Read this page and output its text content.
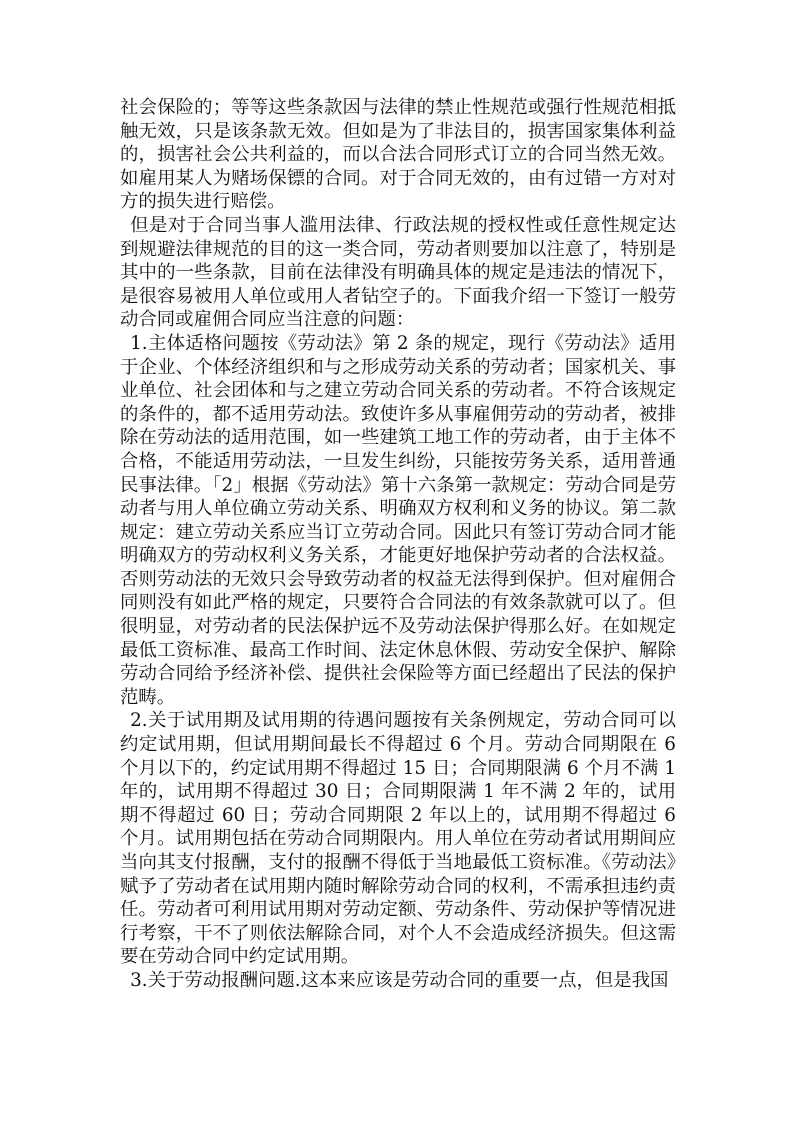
社会保险的；等等这些条款因与法律的禁止性规范或强行性规范相抵触无效，只是该条款无效。但如是为了非法目的，损害国家集体利益的，损害社会公共利益的，而以合法合同形式订立的合同当然无效。如雇用某人为赌场保镖的合同。对于合同无效的，由有过错一方对对方的损失进行赔偿。

但是对于合同当事人滥用法律、行政法规的授权性或任意性规定达到规避法律规范的目的这一类合同，劳动者则要加以注意了，特别是其中的一些条款，目前在法律没有明确具体的规定是违法的情况下，是很容易被用人单位或用人者钻空子的。下面我介绍一下签订一般劳动合同或雇佣合同应当注意的问题：

1.主体适格问题按《劳动法》第 2 条的规定，现行《劳动法》适用于企业、个体经济组织和与之形成劳动关系的劳动者；国家机关、事业单位、社会团体和与之建立劳动合同关系的劳动者。不符合该规定的条件的，都不适用劳动法。致使许多从事雇佣劳动的劳动者，被排除在劳动法的适用范围，如一些建筑工地工作的劳动者，由于主体不合格，不能适用劳动法，一旦发生纠纷，只能按劳务关系，适用普通民事法律。「2」根据《劳动法》第十六条第一款规定：劳动合同是劳动者与用人单位确立劳动关系、明确双方权利和义务的协议。第二款规定：建立劳动关系应当订立劳动合同。因此只有签订劳动合同才能明确双方的劳动权利义务关系，才能更好地保护劳动者的合法权益。否则劳动法的无效只会导致劳动者的权益无法得到保护。但对雇佣合同则没有如此严格的规定，只要符合合同法的有效条款就可以了。但很明显，对劳动者的民法保护远不及劳动法保护得那么好。在如规定最低工资标准、最高工作时间、法定休息休假、劳动安全保护、解除劳动合同给予经济补偿、提供社会保险等方面已经超出了民法的保护范畴。

2.关于试用期及试用期的待遇问题按有关条例规定，劳动合同可以约定试用期，但试用期间最长不得超过 6 个月。劳动合同期限在 6 个月以下的，约定试用期不得超过 15 日；合同期限满 6 个月不满 1 年的，试用期不得超过 30 日；合同期限满 1 年不满 2 年的，试用期不得超过 60 日；劳动合同期限 2 年以上的，试用期不得超过 6 个月。试用期包括在劳动合同期限内。用人单位在劳动者试用期间应当向其支付报酬，支付的报酬不得低于当地最低工资标准。《劳动法》赋予了劳动者在试用期内随时解除劳动合同的权利，不需承担违约责任。劳动者可利用试用期对劳动定额、劳动条件、劳动保护等情况进行考察，干不了则依法解除合同，对个人不会造成经济损失。但这需要在劳动合同中约定试用期。

3.关于劳动报酬问题.这本来应该是劳动合同的重要一点，但是我国
